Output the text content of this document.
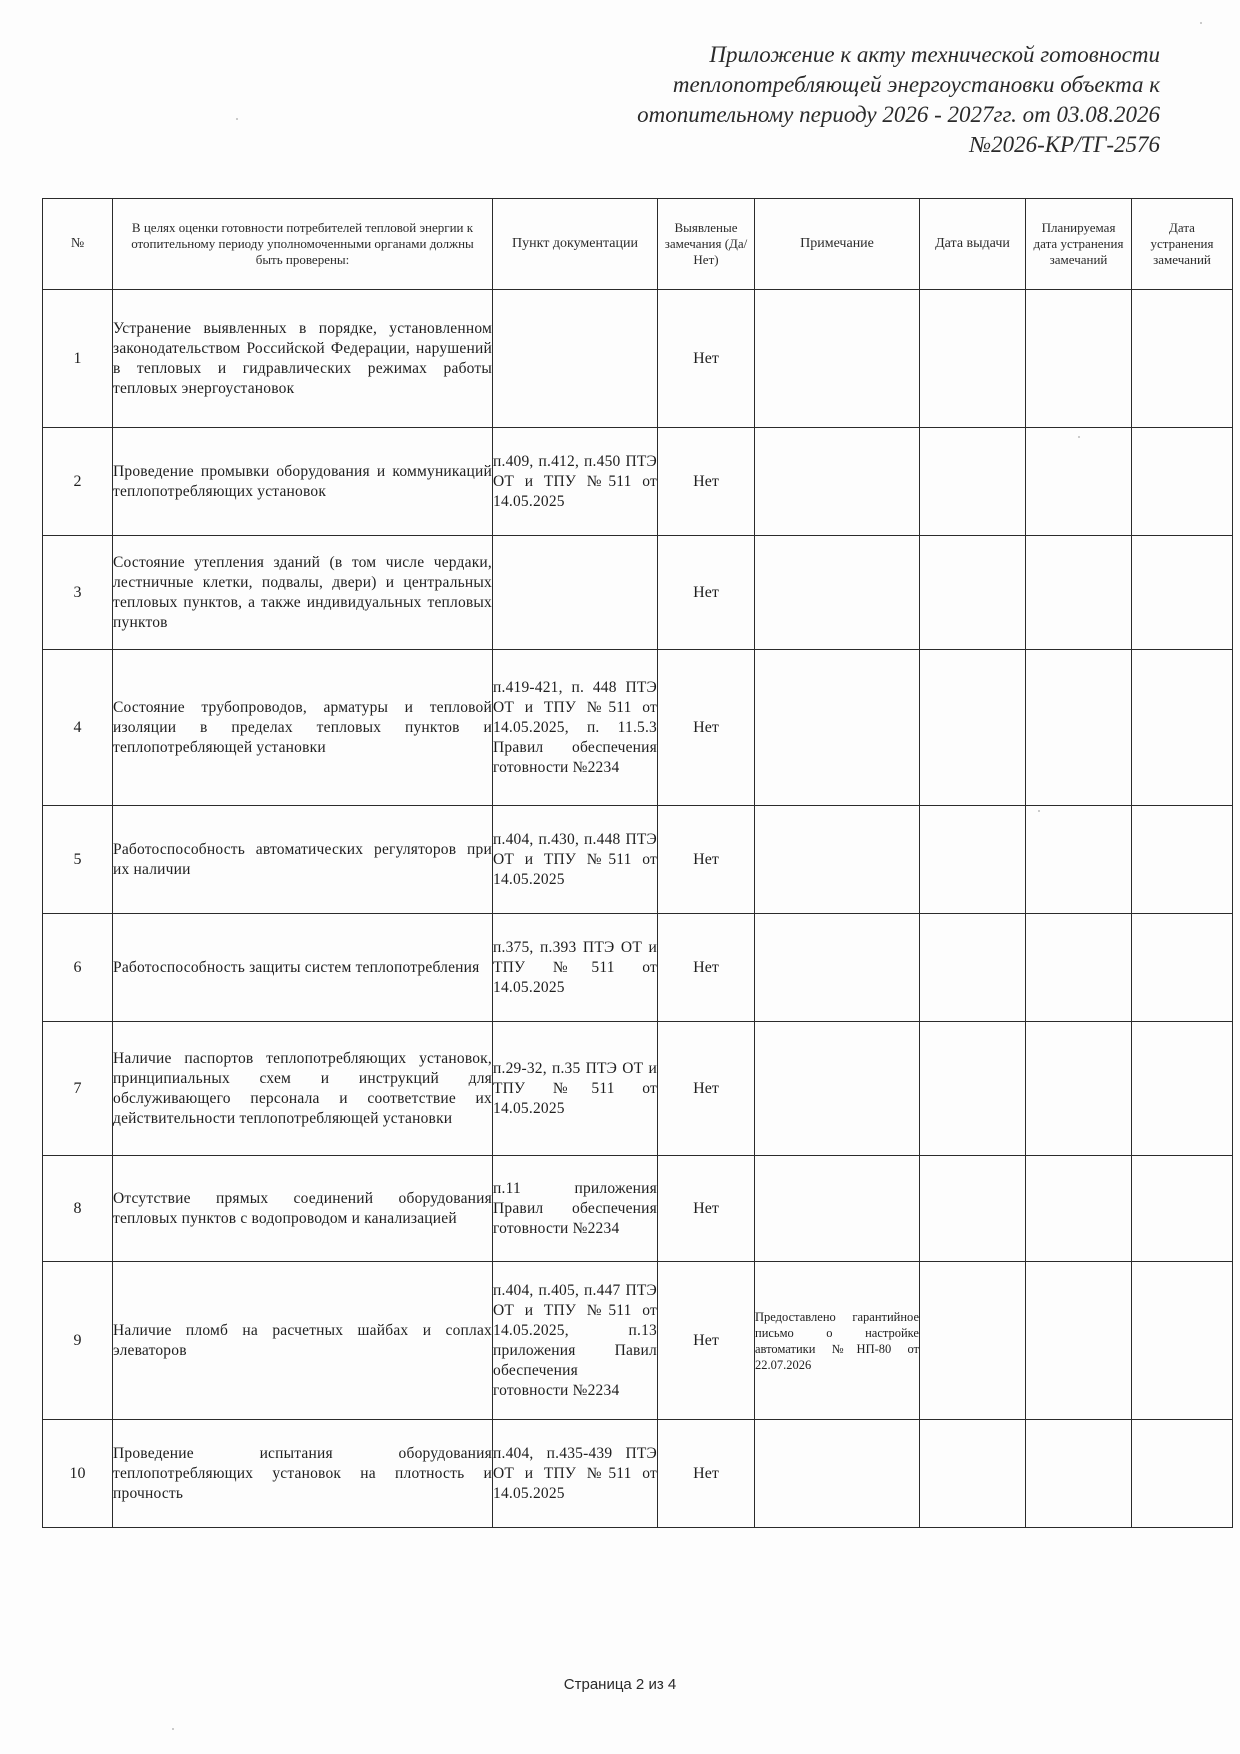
Приложение к акту технической готовности
теплопотребляющей энергоустановки объекта к
отопительному периоду 2026 - 2027гг. от 03.08.2026
№2026-КР/ТГ-2576
№	В целях оценки готовности потребителей тепловой энергии к отопительному периоду уполномоченными органами должны быть проверены:	Пункт документации	Выявленые замечания (Да/Нет)	Примечание	Дата выдачи	Планируемая дата устранения замечаний	Дата устранения замечаний
1	Устранение выявленных в порядке, установленном законодательством Российской Федерации, нарушений в тепловых и гидравлических режимах работы тепловых энергоустановок		Нет				
2	Проведение промывки оборудования и коммуникаций теплопотребляющих установок	п.409, п.412, п.450 ПТЭ ОТ и ТПУ №511 от 14.05.2025	Нет				
3	Состояние утепления зданий (в том числе чердаки, лестничные клетки, подвалы, двери) и центральных тепловых пунктов, а также индивидуальных тепловых пунктов		Нет				
4	Состояние трубопроводов, арматуры и тепловой изоляции в пределах тепловых пунктов и теплопотребляющей установки	п.419-421, п. 448 ПТЭ ОТ и ТПУ №511 от 14.05.2025, п. 11.5.3 Правил обеспечения готовности №2234	Нет				
5	Работоспособность автоматических регуляторов при их наличии	п.404, п.430, п.448 ПТЭ ОТ и ТПУ №511 от 14.05.2025	Нет				
6	Работоспособность защиты систем теплопотребления	п.375, п.393 ПТЭ ОТ и ТПУ №511 от 14.05.2025	Нет				
7	Наличие паспортов теплопотребляющих установок, принципиальных схем и инструкций для обслуживающего персонала и соответствие их действительности теплопотребляющей установки	п.29-32, п.35 ПТЭ ОТ и ТПУ №511 от 14.05.2025	Нет				
8	Отсутствие прямых соединений оборудования тепловых пунктов с водопроводом и канализацией	п.11 приложения Правил обеспечения готовности №2234	Нет				
9	Наличие пломб на расчетных шайбах и соплах элеваторов	п.404, п.405, п.447 ПТЭ ОТ и ТПУ №511 от 14.05.2025, п.13 приложения Павил обеспечения готовности №2234	Нет	Предоставлено гарантийное письмо о настройке автоматики №НП-80 от 22.07.2026			
10	Проведение испытания оборудования теплопотребляющих установок на плотность и прочность	п.404, п.435-439 ПТЭ ОТ и ТПУ №511 от 14.05.2025	Нет				
Страница 2 из 4
